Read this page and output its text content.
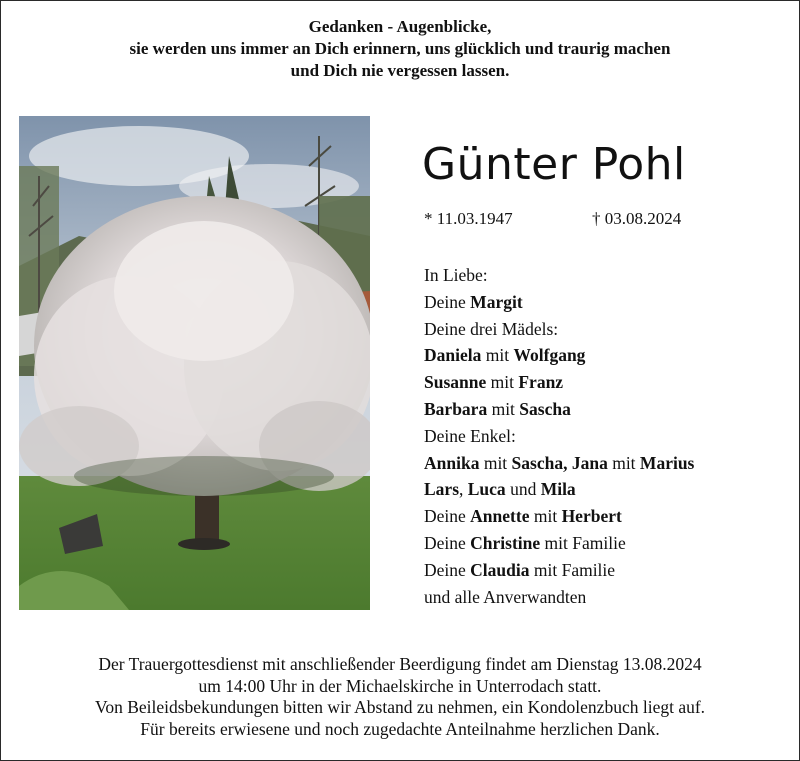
Gedanken - Augenblicke,
sie werden uns immer an Dich erinnern, uns glücklich und traurig machen
und Dich nie vergessen lassen.
Günter Pohl
* 11.03.1947	† 03.08.2024
In Liebe:
Deine Margit
Deine drei Mädels:
Daniela mit Wolfgang
Susanne mit Franz
Barbara mit Sascha
Deine Enkel:
Annika mit Sascha, Jana mit Marius
Lars, Luca und Mila
Deine Annette mit Herbert
Deine Christine mit Familie
Deine Claudia mit Familie
und alle Anverwandten
Der Trauergottesdienst mit anschließender Beerdigung findet am Dienstag 13.08.2024
um 14:00 Uhr in der Michaelskirche in Unterrodach statt.
Von Beileidsbekundungen bitten wir Abstand zu nehmen, ein Kondolenzbuch liegt auf.
Für bereits erwiesene und noch zugedachte Anteilnahme herzlichen Dank.
